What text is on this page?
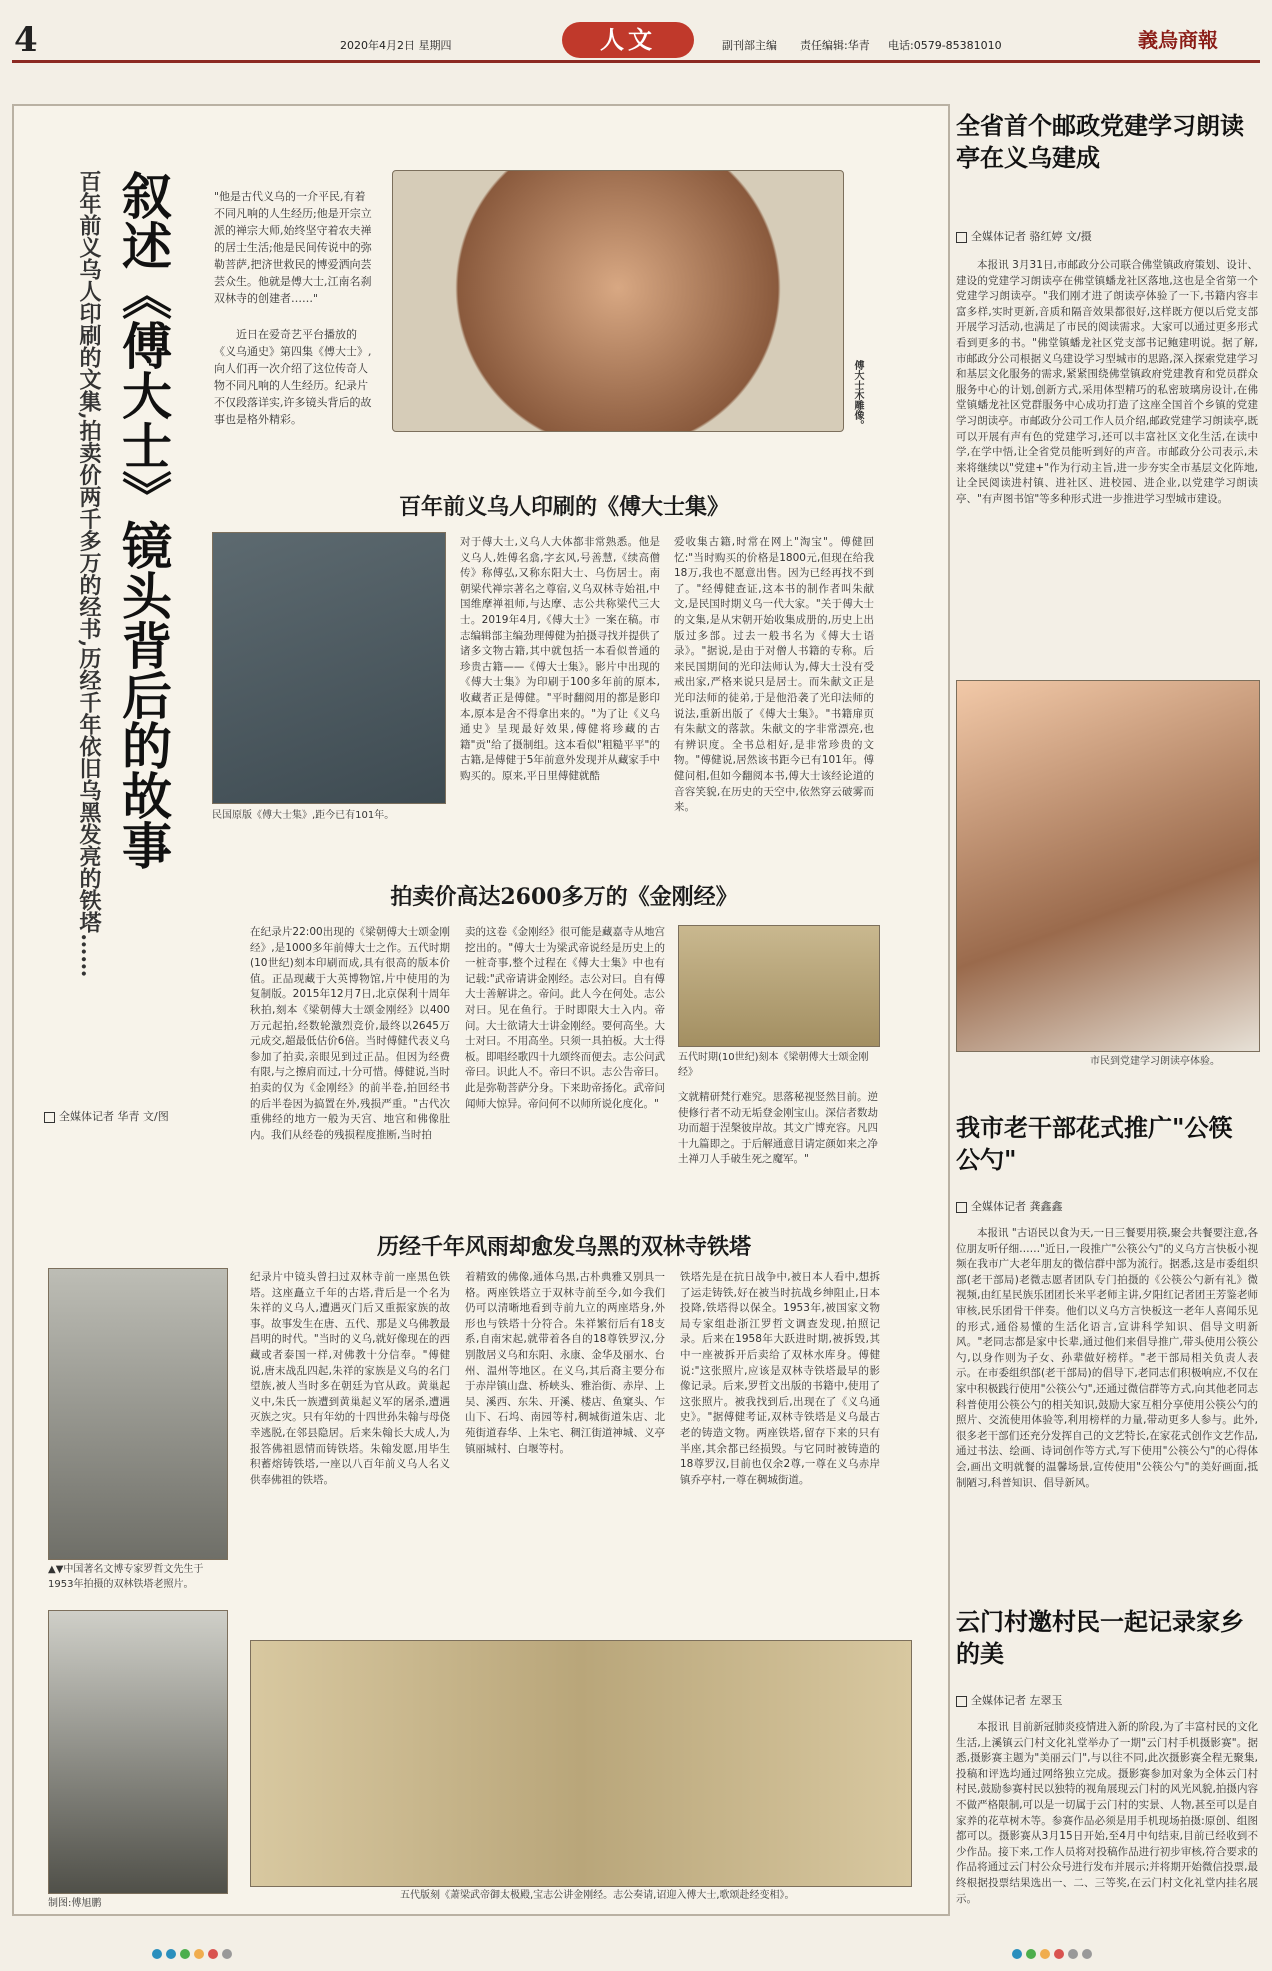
4	2020年4月2日 星期四	人文	副刊部主编 责任编辑:华青 电话:0579-85381010	義烏商報
叙述《傅大士》镜头背后的故事
百年前义乌人印刷的文集,拍卖价两千多万的经书,历经千年依旧乌黑发亮的铁塔……
全媒体记者 华青 文/图
"他是古代义乌的一介平民,有着不同凡响的人生经历;他是开宗立派的禅宗大师,始终坚守着农夫禅的居士生活;他是民间传说中的弥勒菩萨,把济世救民的博爱洒向芸芸众生。他就是傅大士,江南名刹双林寺的创建者……"
近日在爱奇艺平台播放的《义乌通史》第四集《傅大士》,向人们再一次介绍了这位传奇人物不同凡响的人生经历。纪录片不仅段落详实,许多镜头背后的故事也是格外精彩。	傅大士木雕像。
百年前义乌人印刷的《傅大士集》
民国原版《傅大士集》,距今已有101年。
对于傅大士,义乌人大体都非常熟悉。他是义乌人,姓傅名翕,字玄风,号善慧,《续高僧传》称傅弘,又称东阳大士、乌伤居士。南朝梁代禅宗著名之尊宿,义乌双林寺始祖,中国维摩禅祖师,与达摩、志公共称梁代三大士。2019年4月,《傅大士》一案在稿。市志编辑部主编劲理傅健为拍摄寻找并提供了诸多文物古籍,其中就包括一本看似普通的珍贵古籍——《傅大士集》。影片中出现的《傅大士集》为印刷于100多年前的原本,收藏者正是傅健。"平时翻阅用的都是影印本,原本是舍不得拿出来的。"为了让《义乌通史》呈现最好效果,傅健将珍藏的古籍"贡"给了摄制组。这本看似"粗糙平平"的古籍,是傅健于5年前意外发现并从藏家手中购买的。原来,平日里傅健就酷
爱收集古籍,时常在网上"淘宝"。傅健回忆:"当时购买的价格是1800元,但现在给我18万,我也不愿意出售。因为已经再找不到了。"经傅健查证,这本书的制作者叫朱献文,是民国时期义乌一代大家。"关于傅大士的文集,是从宋朝开始收集成册的,历史上出版过多部。过去一般书名为《傅大士语录》。"据说,是由于对僧人书籍的专称。后来民国期间的光印法师认为,傅大士没有受戒出家,严格来说只是居士。而朱献文正是光印法师的徒弟,于是他沿袭了光印法师的说法,重新出版了《傅大士集》。"书籍扉页有朱献文的落款。朱献文的字非常漂亮,也有辨识度。全书总相好,是非常珍贵的文物。"傅健说,居然该书距今已有101年。傅健问相,但如今翻阅本书,傅大士该经论道的音容笑貌,在历史的天空中,依然穿云破雾而来。
拍卖价高达2600多万的《金刚经》
在纪录片22:00出现的《梁朝傅大士颂金刚经》,是1000多年前傅大士之作。五代时期(10世纪)刻本印刷而成,具有很高的版本价值。正品现藏于大英博物馆,片中使用的为复制版。2015年12月7日,北京保利十周年秋拍,刻本《梁朝傅大士颂金刚经》以400万元起拍,经数轮激烈竞价,最终以2645万元成交,超最低估价6倍。当时傅健代表义乌参加了拍卖,亲眼见到过正品。但因为经费有限,与之擦肩而过,十分可惜。傅健说,当时拍卖的仅为《金刚经》的前半卷,拍回经书的后半卷因为搞置在外,残损严重。"古代次重佛经的地方一般为天宫、地宫和佛像肚内。我们从经卷的残损程度推断,当时拍
卖的这卷《金刚经》很可能是藏嘉寺从地宫挖出的。"傅大士为梁武帝说经是历史上的一桩奇事,整个过程在《傅大士集》中也有记载:"武帝请讲金刚经。志公对曰。自有傅大士善解讲之。帝问。此人今在何处。志公对曰。见在鱼行。于时即限大士入内。帝问。大士欲请大士讲金刚经。要何高坐。大士对曰。不用高坐。只须一具拍板。大士得板。即唱经歌四十九颂终而便去。志公问武帝曰。识此人不。帝曰不识。志公告帝曰。此是弥勒菩萨分身。下来助帝扬化。武帝问闻师大惊异。帝问何不以师所说化度化。"
五代时期(10世纪)刻本《梁朝傅大士颂金刚经》
文就精研梵行难究。思落秘视竖然目前。逆使修行者不动无垢登金刚宝山。深信者数劫功而超于涅槃彼岸故。其文广博充容。凡四十九篇即之。于后解通意目请定颜如来之净土禅刀人手破生死之魔军。"
历经千年风雨却愈发乌黑的双林寺铁塔
▲▼中国著名文博专家罗哲文先生于1953年拍摄的双林铁塔老照片。
制图:傅旭鹏
纪录片中镜头曾扫过双林寺前一座黑色铁塔。这座矗立千年的古塔,背后是一个名为朱祥的义乌人,遭遇灭门后又重振家族的故事。故事发生在唐、五代、那是义乌佛教最昌明的时代。"当时的义乌,就好像现在的西藏或者泰国一样,对佛教十分信奉。"傅健说,唐末战乱四起,朱祥的家族是义乌的名门望族,被人当时多在朝廷为官从政。黄巢起义中,朱氏一族遭到黄巢起义军的屠杀,遭遇灭族之灾。只有年幼的十四世孙朱翰与母侥幸逃脱,在邻县隐居。后来朱翰长大成人,为报答佛祖恩情而铸铁塔。朱翰发愿,用毕生积蓄熔铸铁塔,一座以八百年前义乌人名义供奉佛祖的铁塔。
着精致的佛像,通体乌黑,古朴典雅又别具一格。两座铁塔立于双林寺前至今,如今我们仍可以清晰地看到寺前九立的两座塔身,外形也与铁塔十分符合。朱祥繁衍后有18支系,自南宋起,就带着各自的18尊铁罗汉,分别散居义乌和东阳、永康、金华及丽水、台州、温州等地区。在义乌,其后裔主要分布于赤岸镇山盘、桥峡头、雅治街、赤岸、上吴、溪西、东朱、开溪、楼店、鱼窠头、乍山下、石坞、南园等村,稠城街道朱店、北苑街道春华、上朱宅、稠江街道神城、义亭镇丽城村、白堰等村。
铁塔先是在抗日战争中,被日本人看中,想拆了运走铸铁,好在被当时抗战乡绅阻止,日本投降,铁塔得以保全。1953年,被国家文物局专家组赴浙江罗哲文调查发现,拍照记录。后来在1958年大跃进时期,被拆毁,其中一座被拆开后卖给了双林水库身。傅健说:"这张照片,应该是双林寺铁塔最早的影像记录。后来,罗哲文出版的书籍中,使用了这张照片。被我找到后,出现在了《义乌通史》。"据傅健考证,双林寺铁塔是义乌最古老的铸造文物。两座铁塔,留存下来的只有半座,其余都已经损毁。与它同时被铸造的18尊罗汉,目前也仅余2尊,一尊在义乌赤岸镇乔亭村,一尊在稠城街道。
五代版刻《萧梁武帝御太极殿,宝志公讲金刚经。志公奏请,诏迎入傅大士,歌颂赴经变相》。
全省首个邮政党建学习朗读亭在义乌建成
全媒体记者 骆红婷 文/摄
本报讯 3月31日,市邮政分公司联合佛堂镇政府策划、设计、建设的党建学习朗读亭在佛堂镇蟠龙社区落地,这也是全省第一个党建学习朗读亭。"我们刚才进了朗读亭体验了一下,书籍内容丰富多样,实时更新,音质和隔音效果都很好,这样既方便以后党支部开展学习活动,也满足了市民的阅读需求。大家可以通过更多形式看到更多的书。"佛堂镇蟠龙社区党支部书记鲍建明说。据了解,市邮政分公司根据义乌建设学习型城市的思路,深入探索党建学习和基层文化服务的需求,紧紧围绕佛堂镇政府党建教育和党员群众服务中心的计划,创新方式,采用体型精巧的私密玻璃房设计,在佛堂镇蟠龙社区党群服务中心成功打造了这座全国首个乡镇的党建学习朗读亭。市邮政分公司工作人员介绍,邮政党建学习朗读亭,既可以开展有声有色的党建学习,还可以丰富社区文化生活,在读中学,在学中悟,让全省党员能听到好的声音。市邮政分公司表示,未来将继续以"党建+"作为行动主旨,进一步夯实全市基层文化阵地,让全民阅读进村镇、进社区、进校园、进企业,以党建学习朗读亭、"有声图书馆"等多种形式进一步推进学习型城市建设。
市民到党建学习朗读亭体验。
我市老干部花式推广"公筷公勺"
全媒体记者 龚鑫鑫
本报讯 "古语民以食为天,一日三餐要用筷,聚会共餐要注意,各位朋友听仔细……"近日,一段推广"公筷公勺"的义乌方言快板小视频在我市广大老年朋友的微信群中部为流行。据悉,这是市委组织部(老干部局)老微志愿者团队专门拍摄的《公筷公勺新有礼》微视频,由红星民族乐团团长米平老师主讲,夕阳红记者团王芳鉴老师审核,民乐团骨干伴奏。他们以义乌方言快板这一老年人喜闻乐见的形式,通俗易懂的生活化语言,宣讲科学知识、倡导文明新风。"老同志都是家中长辈,通过他们来倡导推广,带头使用公筷公勺,以身作则为子女、孙辈做好榜样。"老干部局相关负责人表示。在市委组织部(老干部局)的倡导下,老同志们积极响应,不仅在家中积极践行使用"公筷公勺",还通过微信群等方式,向其他老同志科普使用公筷公勺的相关知识,鼓励大家互相分享使用公筷公勺的照片、交流使用体验等,利用榜样的力量,带动更多人参与。此外,很多老干部们还充分发挥自己的文艺特长,在家花式创作文艺作品,通过书法、绘画、诗词创作等方式,写下使用"公筷公勺"的心得体会,画出文明就餐的温馨场景,宣传使用"公筷公勺"的美好画面,抵制陋习,科普知识、倡导新风。
云门村邀村民一起记录家乡的美
全媒体记者 左翠玉
本报讯 目前新冠肺炎疫情进入新的阶段,为了丰富村民的文化生活,上溪镇云门村文化礼堂举办了一期"云门村手机摄影赛"。据悉,摄影赛主题为"美丽云门",与以往不同,此次摄影赛全程无聚集,投稿和评选均通过网络独立完成。摄影赛参加对象为全体云门村村民,鼓励参赛村民以独特的视角展现云门村的风光风貌,拍摄内容不做严格限制,可以是一切属于云门村的实景、人物,甚至可以是自家养的花草树木等。参赛作品必须是用手机现场拍摄:原创、组图都可以。摄影赛从3月15日开始,至4月中旬结束,目前已经收到不少作品。接下来,工作人员将对投稿作品进行初步审核,符合要求的作品将通过云门村公众号进行发布并展示;并将期开始微信投票,最终根据投票结果选出一、二、三等奖,在云门村文化礼堂内挂名展示。
